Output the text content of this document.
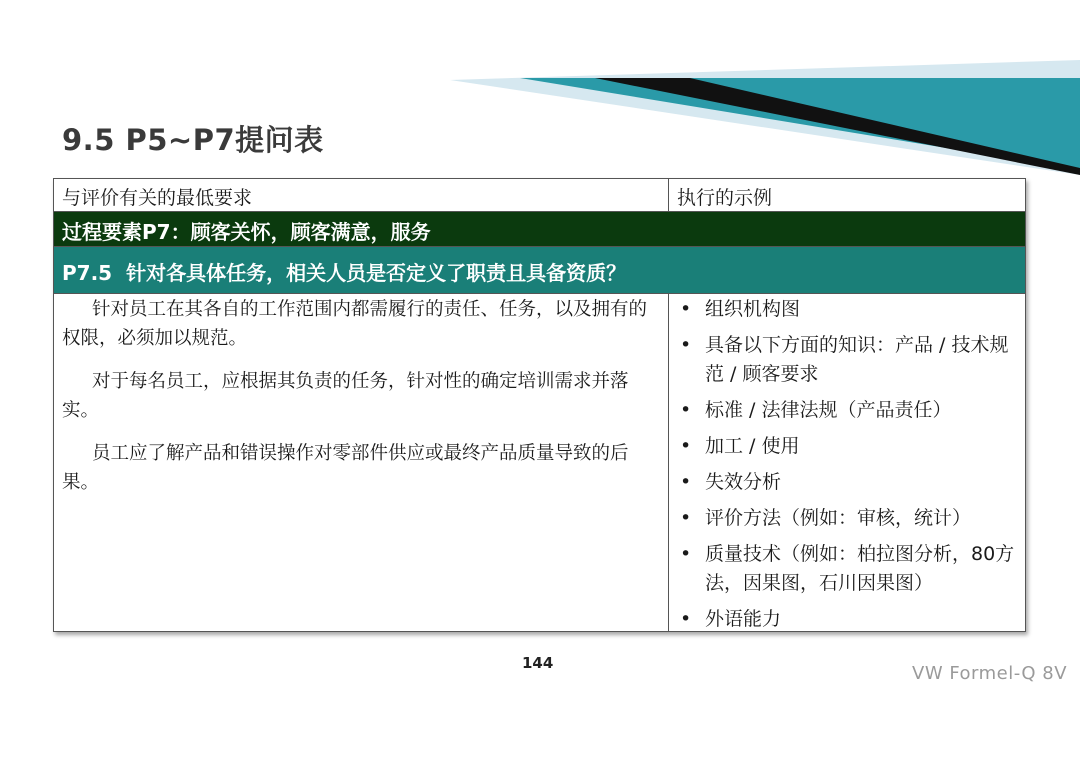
9.5 P5~P7提问表
与评价有关的最低要求	执行的示例
过程要素P7：顾客关怀，顾客满意，服务
P7.5 针对各具体任务，相关人员是否定义了职责且具备资质？

针对员工在其各自的工作范围内都需履行的责任、任务，以及拥有的权限，必须加以规范。

对于每名员工，应根据其负责的任务，针对性的确定培训需求并落实。

员工应了解产品和错误操作对零部件供应或最终产品质量导致的后果。

• 组织机构图
• 具备以下方面的知识：产品 / 技术规范 / 顾客要求
• 标准 / 法律法规（产品责任）
• 加工 / 使用
• 失效分析
• 评价方法（例如：审核，统计）
• 质量技术（例如：柏拉图分析，80方法，因果图，石川因果图）
• 外语能力
144	VW Formel-Q 8V
